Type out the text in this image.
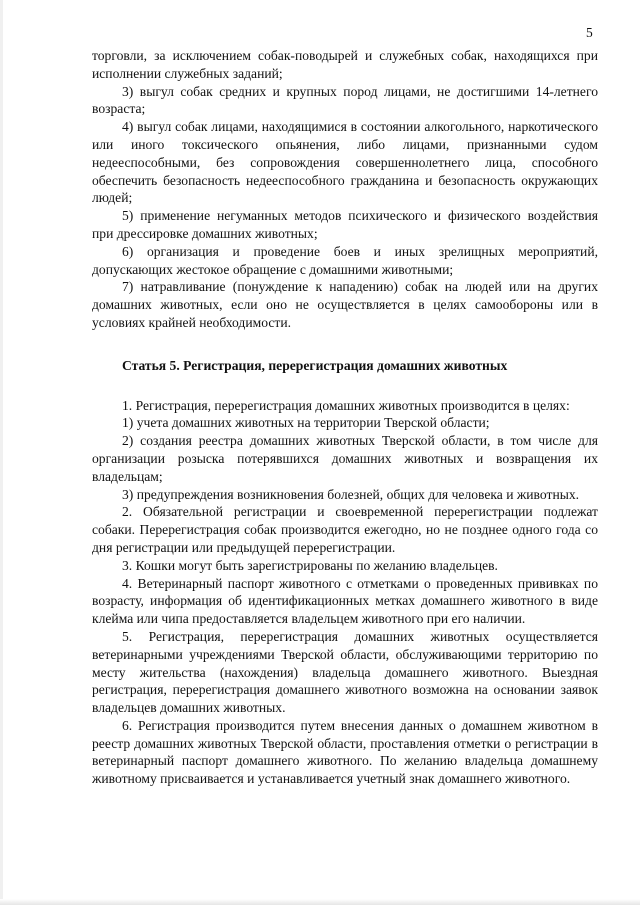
5

торговли, за исключением собак-поводырей и служебных собак, находящихся при исполнении служебных заданий;

3) выгул собак средних и крупных пород лицами, не достигшими 14-летнего возраста;

4) выгул собак лицами, находящимися в состоянии алкогольного, наркотического или иного токсического опьянения, либо лицами, признанными судом недееспособными, без сопровождения совершеннолетнего лица, способного обеспечить безопасность недееспособного гражданина и безопасность окружающих людей;

5) применение негуманных методов психического и физического воздействия при дрессировке домашних животных;

6) организация и проведение боев и иных зрелищных мероприятий, допускающих жестокое обращение с домашними животными;

7) натравливание (понуждение к нападению) собак на людей или на других домашних животных, если оно не осуществляется в целях самообороны или в условиях крайней необходимости.

Статья 5. Регистрация, перерегистрация домашних животных

1. Регистрация, перерегистрация домашних животных производится в целях:

1) учета домашних животных на территории Тверской области;

2) создания реестра домашних животных Тверской области, в том числе для организации розыска потерявшихся домашних животных и возвращения их владельцам;

3) предупреждения возникновения болезней, общих для человека и животных.

2. Обязательной регистрации и своевременной перерегистрации подлежат собаки. Перерегистрация собак производится ежегодно, но не позднее одного года со дня регистрации или предыдущей перерегистрации.

3. Кошки могут быть зарегистрированы по желанию владельцев.

4. Ветеринарный паспорт животного с отметками о проведенных прививках по возрасту, информация об идентификационных метках домашнего животного в виде клейма или чипа предоставляется владельцем животного при его наличии.

5. Регистрация, перерегистрация домашних животных осуществляется ветеринарными учреждениями Тверской области, обслуживающими территорию по месту жительства (нахождения) владельца домашнего животного. Выездная регистрация, перерегистрация домашнего животного возможна на основании заявок владельцев домашних животных.

6. Регистрация производится путем внесения данных о домашнем животном в реестр домашних животных Тверской области, проставления отметки о регистрации в ветеринарный паспорт домашнего животного. По желанию владельца домашнему животному присваивается и устанавливается учетный знак домашнего животного.
